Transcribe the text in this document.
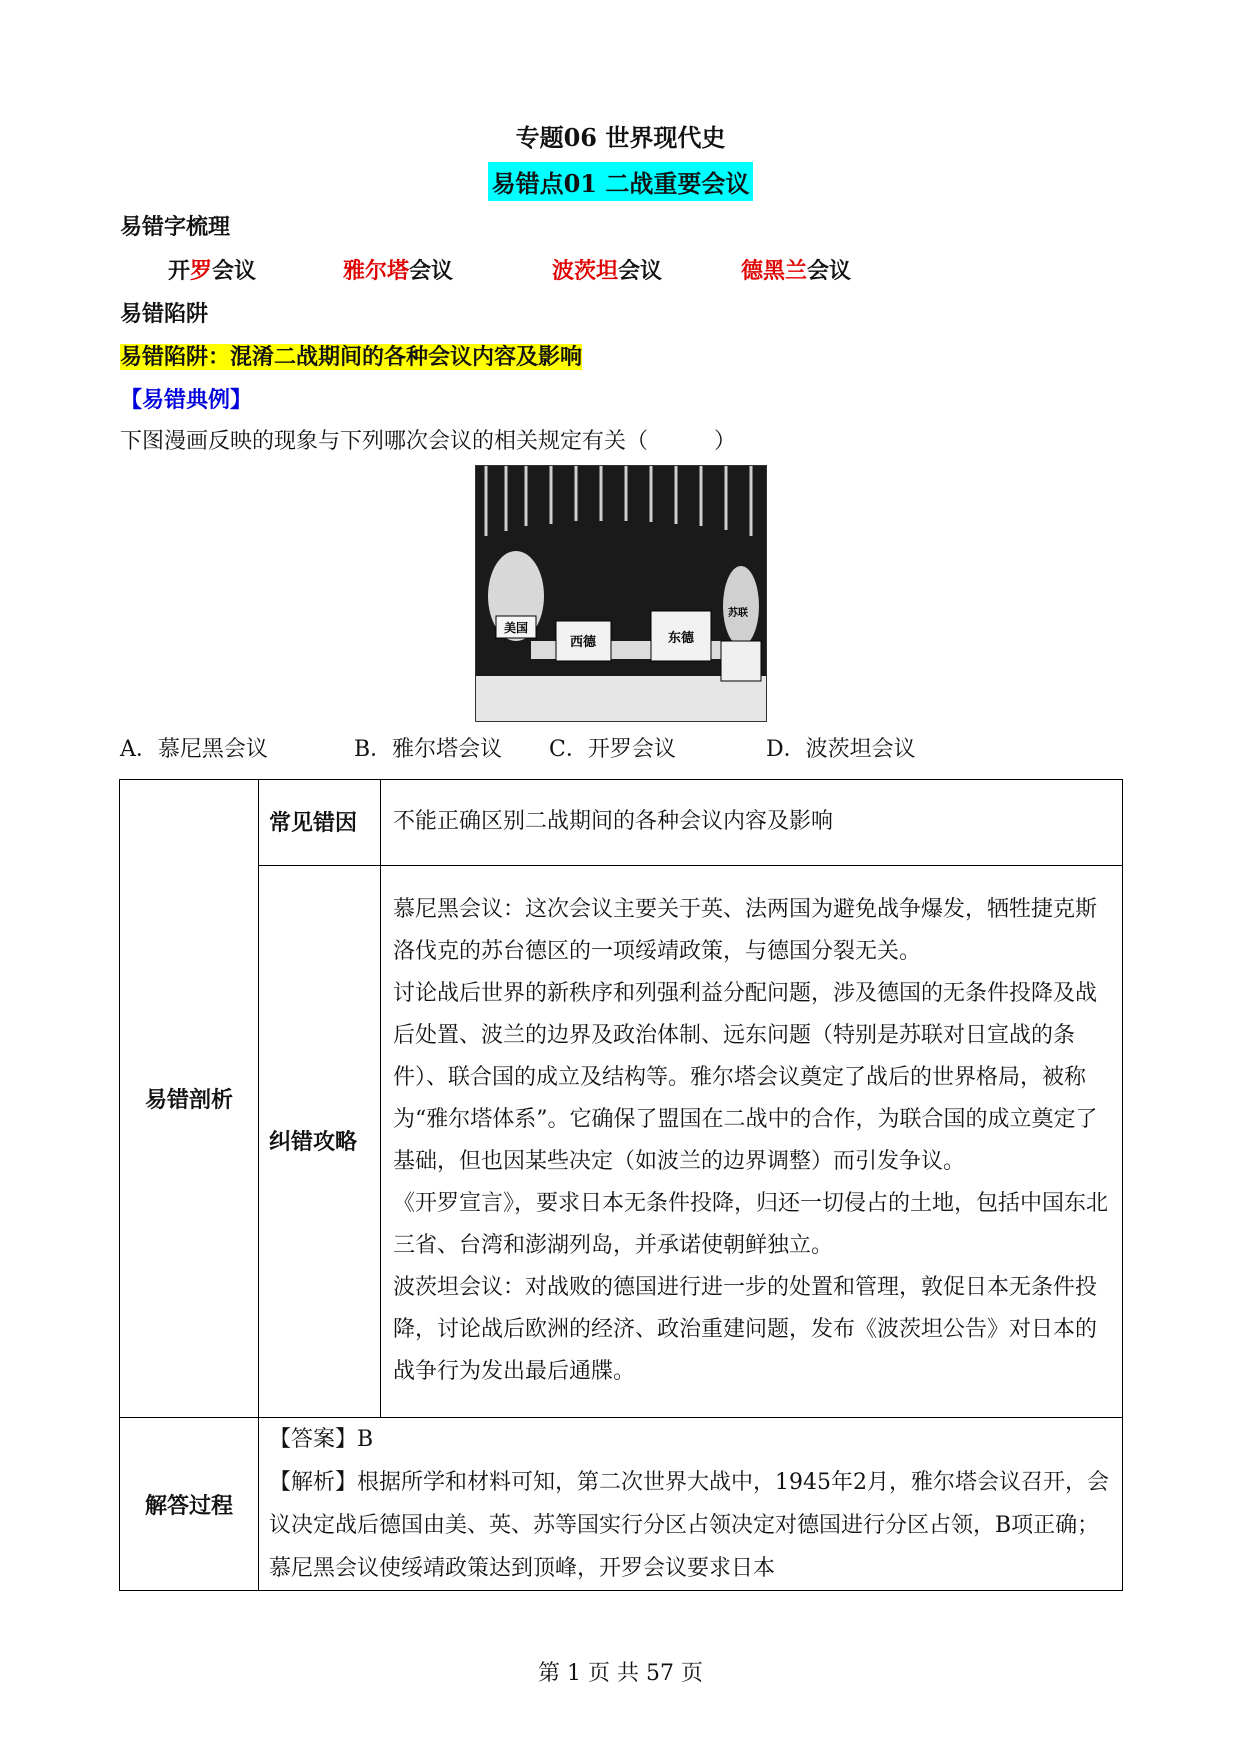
专题06 世界现代史
易错点01 二战重要会议
易错字梳理
开罗会议	雅尔塔会议	波茨坦会议	德黑兰会议
易错陷阱
易错陷阱：混淆二战期间的各种会议内容及影响
【易错典例】
下图漫画反映的现象与下列哪次会议的相关规定有关（　　　）
美国
西德	东德
苏联
A．慕尼黑会议	B．雅尔塔会议 C．开罗会议	D．波茨坦会议
易错剖析	常见错因	不能正确区别二战期间的各种会议内容及影响
	纠错攻略	慕尼黑会议：这次会议主要关于英、法两国为避免战争爆发，牺牲捷克斯洛伐克的苏台德区的一项绥靖政策，与德国分裂无关。
讨论战后世界的新秩序和列强利益分配问题，涉及德国的无条件投降及战后处置、波兰的边界及政治体制、远东问题（特别是苏联对日宣战的条件）、联合国的成立及结构等。雅尔塔会议奠定了战后的世界格局，被称为“雅尔塔体系”。它确保了盟国在二战中的合作，为联合国的成立奠定了基础，但也因某些决定（如波兰的边界调整）而引发争议。
《开罗宣言》，要求日本无条件投降，归还一切侵占的土地，包括中国东北三省、台湾和澎湖列岛，并承诺使朝鲜独立。
波茨坦会议：对战败的德国进行进一步的处置和管理，敦促日本无条件投降，讨论战后欧洲的经济、政治重建问题，发布《波茨坦公告》对日本的战争行为发出最后通牒。

解答过程	【答案】B
【解析】根据所学和材料可知，第二次世界大战中，1945年2月，雅尔塔会议召开，会议决定战后德国由美、英、苏等国实行分区占领决定对德国进行分区占领，B项正确；慕尼黑会议使绥靖政策达到顶峰，开罗会议要求日本	
第 1 页 共 57 页
